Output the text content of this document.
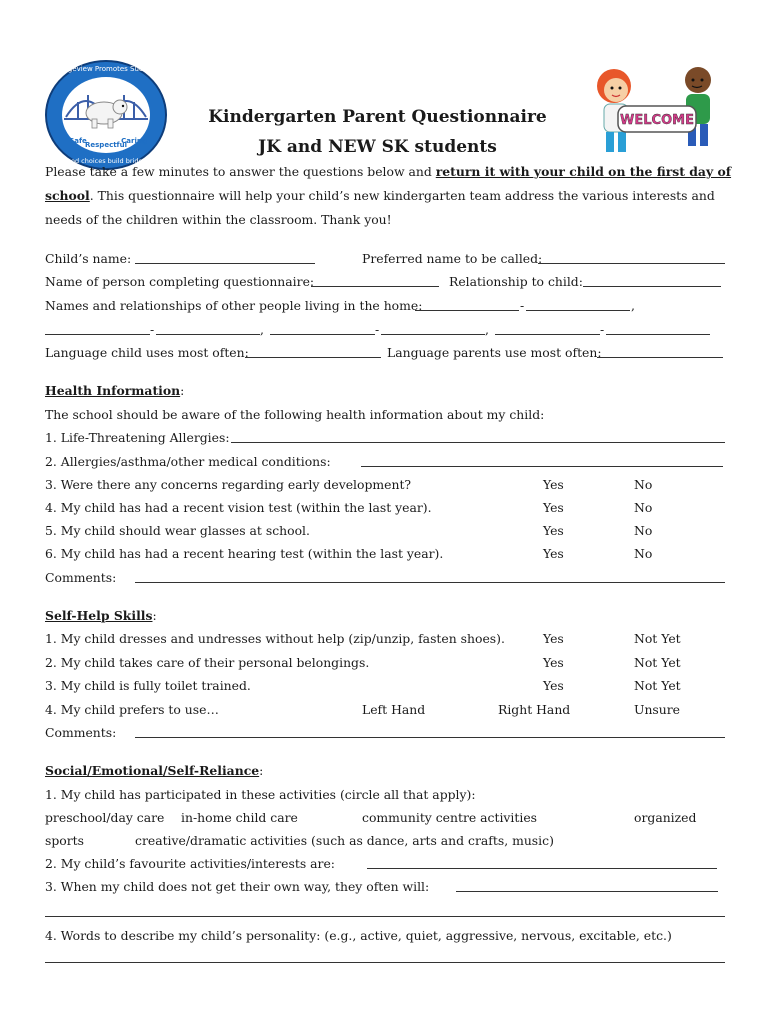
Bridgeview Promotes Success
Safe
Respectful
Caring
Good choices build bridges
Kindergarten Parent Questionnaire
JK and NEW SK students
WELCOME
Please take a few minutes to answer the questions below and return it with your child on the first day of
school. This questionnaire will help your child’s new kindergarten team address the various interests and
needs of the children within the classroom. Thank you!
Child’s name:	Preferred name to be called:
Name of person completing questionnaire:	Relationship to child:
Names and relationships of other people living in the home:	-	,
-	,	-	,	-
Language child uses most often:	Language parents use most often:
Health Information:
The school should be aware of the following health information about my child:
1. Life-Threatening Allergies:
2. Allergies/asthma/other medical conditions:
3. Were there any concerns regarding early development?	Yes	No
4. My child has had a recent vision test (within the last year).	Yes	No
5. My child should wear glasses at school.	Yes	No
6. My child has had a recent hearing test (within the last year).	Yes	No
Comments:
Self-Help Skills:
1. My child dresses and undresses without help (zip/unzip, fasten shoes).	Yes	Not Yet
2. My child takes care of their personal belongings.	Yes	Not Yet
3. My child is fully toilet trained.	Yes	Not Yet
4. My child prefers to use…	Left Hand	Right Hand	Unsure
Comments:
Social/Emotional/Self-Reliance:
1. My child has participated in these activities (circle all that apply):
preschool/day care in-home child care	community centre activities	organized
sports	creative/dramatic activities (such as dance, arts and crafts, music)
2. My child’s favourite activities/interests are:
3. When my child does not get their own way, they often will:
4. Words to describe my child’s personality: (e.g., active, quiet, aggressive, nervous, excitable, etc.)
